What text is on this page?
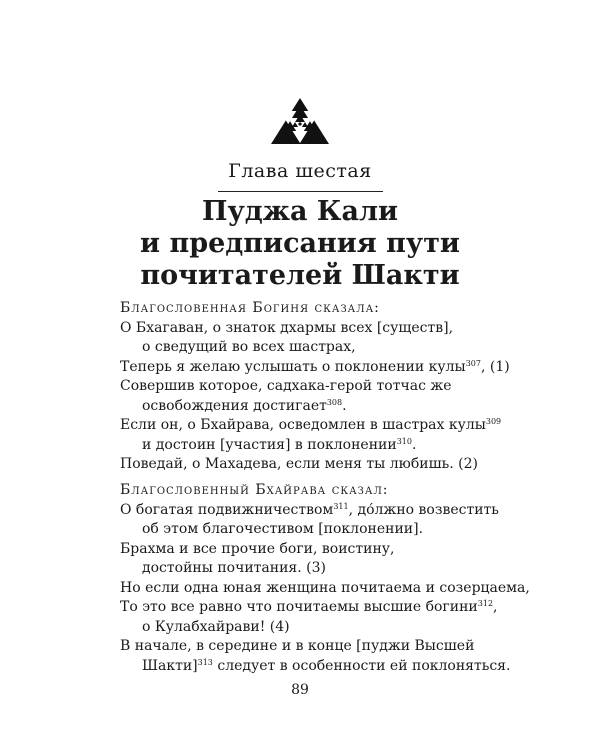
Глава шестая
Пуджа Кали
и предписания пути
почитателей Шакти
Благословенная Богиня сказала:
О Бхагаван, о знаток дхармы всех [существ],
о сведущий во всех шастрах,
Теперь я желаю услышать о поклонении кулы$^{307}$, (1)
Совершив которое, садхака-герой тотчас же
освобождения достигает$^{308}$.
Если он, о Бхайрава, осведомлен в шастрах кулы$^{309}$
и достоин [участия] в поклонении$^{310}$.
Поведай, о Махадева, если меня ты любишь. (2)
Благословенный Бхайрава сказал:
О богатая подвижничеством$^{311}$, до́лжно возвестить
об этом благочестивом [поклонении].
Брахма и все прочие боги, воистину,
достойны почитания. (3)
Но если одна юная женщина почитаема и созерцаема,
То это все равно что почитаемы высшие богини$^{312}$,
о Кулабхайрави! (4)
В начале, в середине и в конце [пуджи Высшей
Шакти]$^{313}$ следует в особенности ей поклоняться.
89
